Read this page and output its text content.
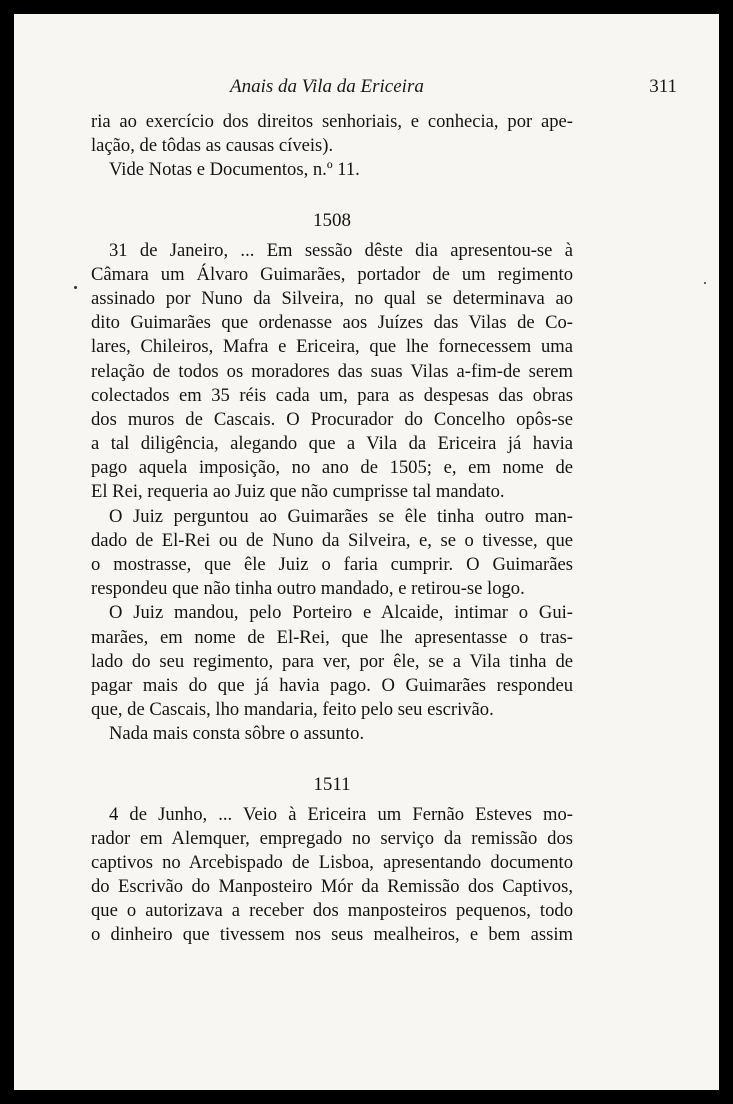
Anais da Vila da Ericeira	311
ria ao exercício dos direitos senhoriais, e conhecia, por ape-
lação, de tôdas as causas cíveis).
Vide Notas e Documentos, n.º 11.
1508
31 de Janeiro, ... Em sessão dêste dia apresentou-se à
Câmara um Álvaro Guimarães, portador de um regimento
assinado por Nuno da Silveira, no qual se determinava ao
dito Guimarães que ordenasse aos Juízes das Vilas de Co-
lares, Chileiros, Mafra e Ericeira, que lhe fornecessem uma
relação de todos os moradores das suas Vilas a-fim-de serem
colectados em 35 réis cada um, para as despesas das obras
dos muros de Cascais. O Procurador do Concelho opôs-se
a tal diligência, alegando que a Vila da Ericeira já havia
pago aquela imposição, no ano de 1505; e, em nome de
El Rei, requeria ao Juiz que não cumprisse tal mandato.
O Juiz perguntou ao Guimarães se êle tinha outro man-
dado de El-Rei ou de Nuno da Silveira, e, se o tivesse, que
o mostrasse, que êle Juiz o faria cumprir. O Guimarães
respondeu que não tinha outro mandado, e retirou-se logo.
O Juiz mandou, pelo Porteiro e Alcaide, intimar o Gui-
marães, em nome de El-Rei, que lhe apresentasse o tras-
lado do seu regimento, para ver, por êle, se a Vila tinha de
pagar mais do que já havia pago. O Guimarães respondeu
que, de Cascais, lho mandaria, feito pelo seu escrivão.
Nada mais consta sôbre o assunto.
1511
4 de Junho, ... Veio à Ericeira um Fernão Esteves mo-
rador em Alemquer, empregado no serviço da remissão dos
captivos no Arcebispado de Lisboa, apresentando documento
do Escrivão do Manposteiro Mór da Remissão dos Captivos,
que o autorizava a receber dos manposteiros pequenos, todo
o dinheiro que tivessem nos seus mealheiros, e bem assim
